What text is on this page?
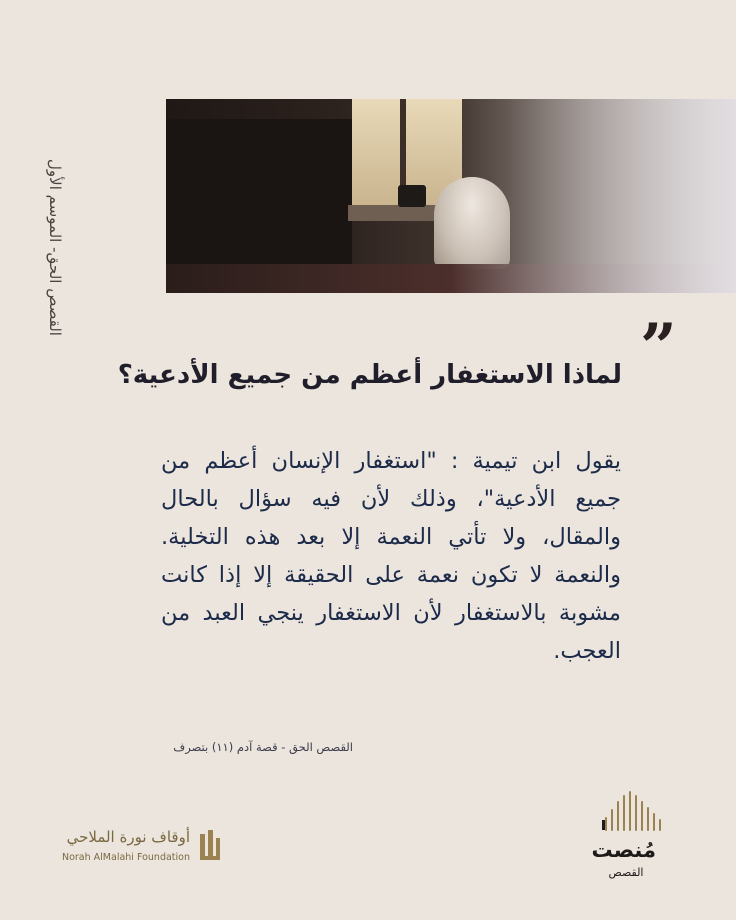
القصص الحق- الموسم الأول
”
لماذا الاستغفار أعظم من جميع الأدعية؟

يقول ابن تيمية : "استغفار الإنسان أعظم من جميع الأدعية"، وذلك لأن فيه سؤال بالحال والمقال، ولا تأتي النعمة إلا بعد هذه التخلية. والنعمة لا تكون نعمة على الحقيقة إلا إذا كانت مشوبة بالاستغفار لأن الاستغفار ينجي العبد من العجب.

القصص الحق - قصة آدم (١١) بتصرف
أوقاف نورة الملاحي
Norah AlMalahi Foundation	مُنصت
القصص
